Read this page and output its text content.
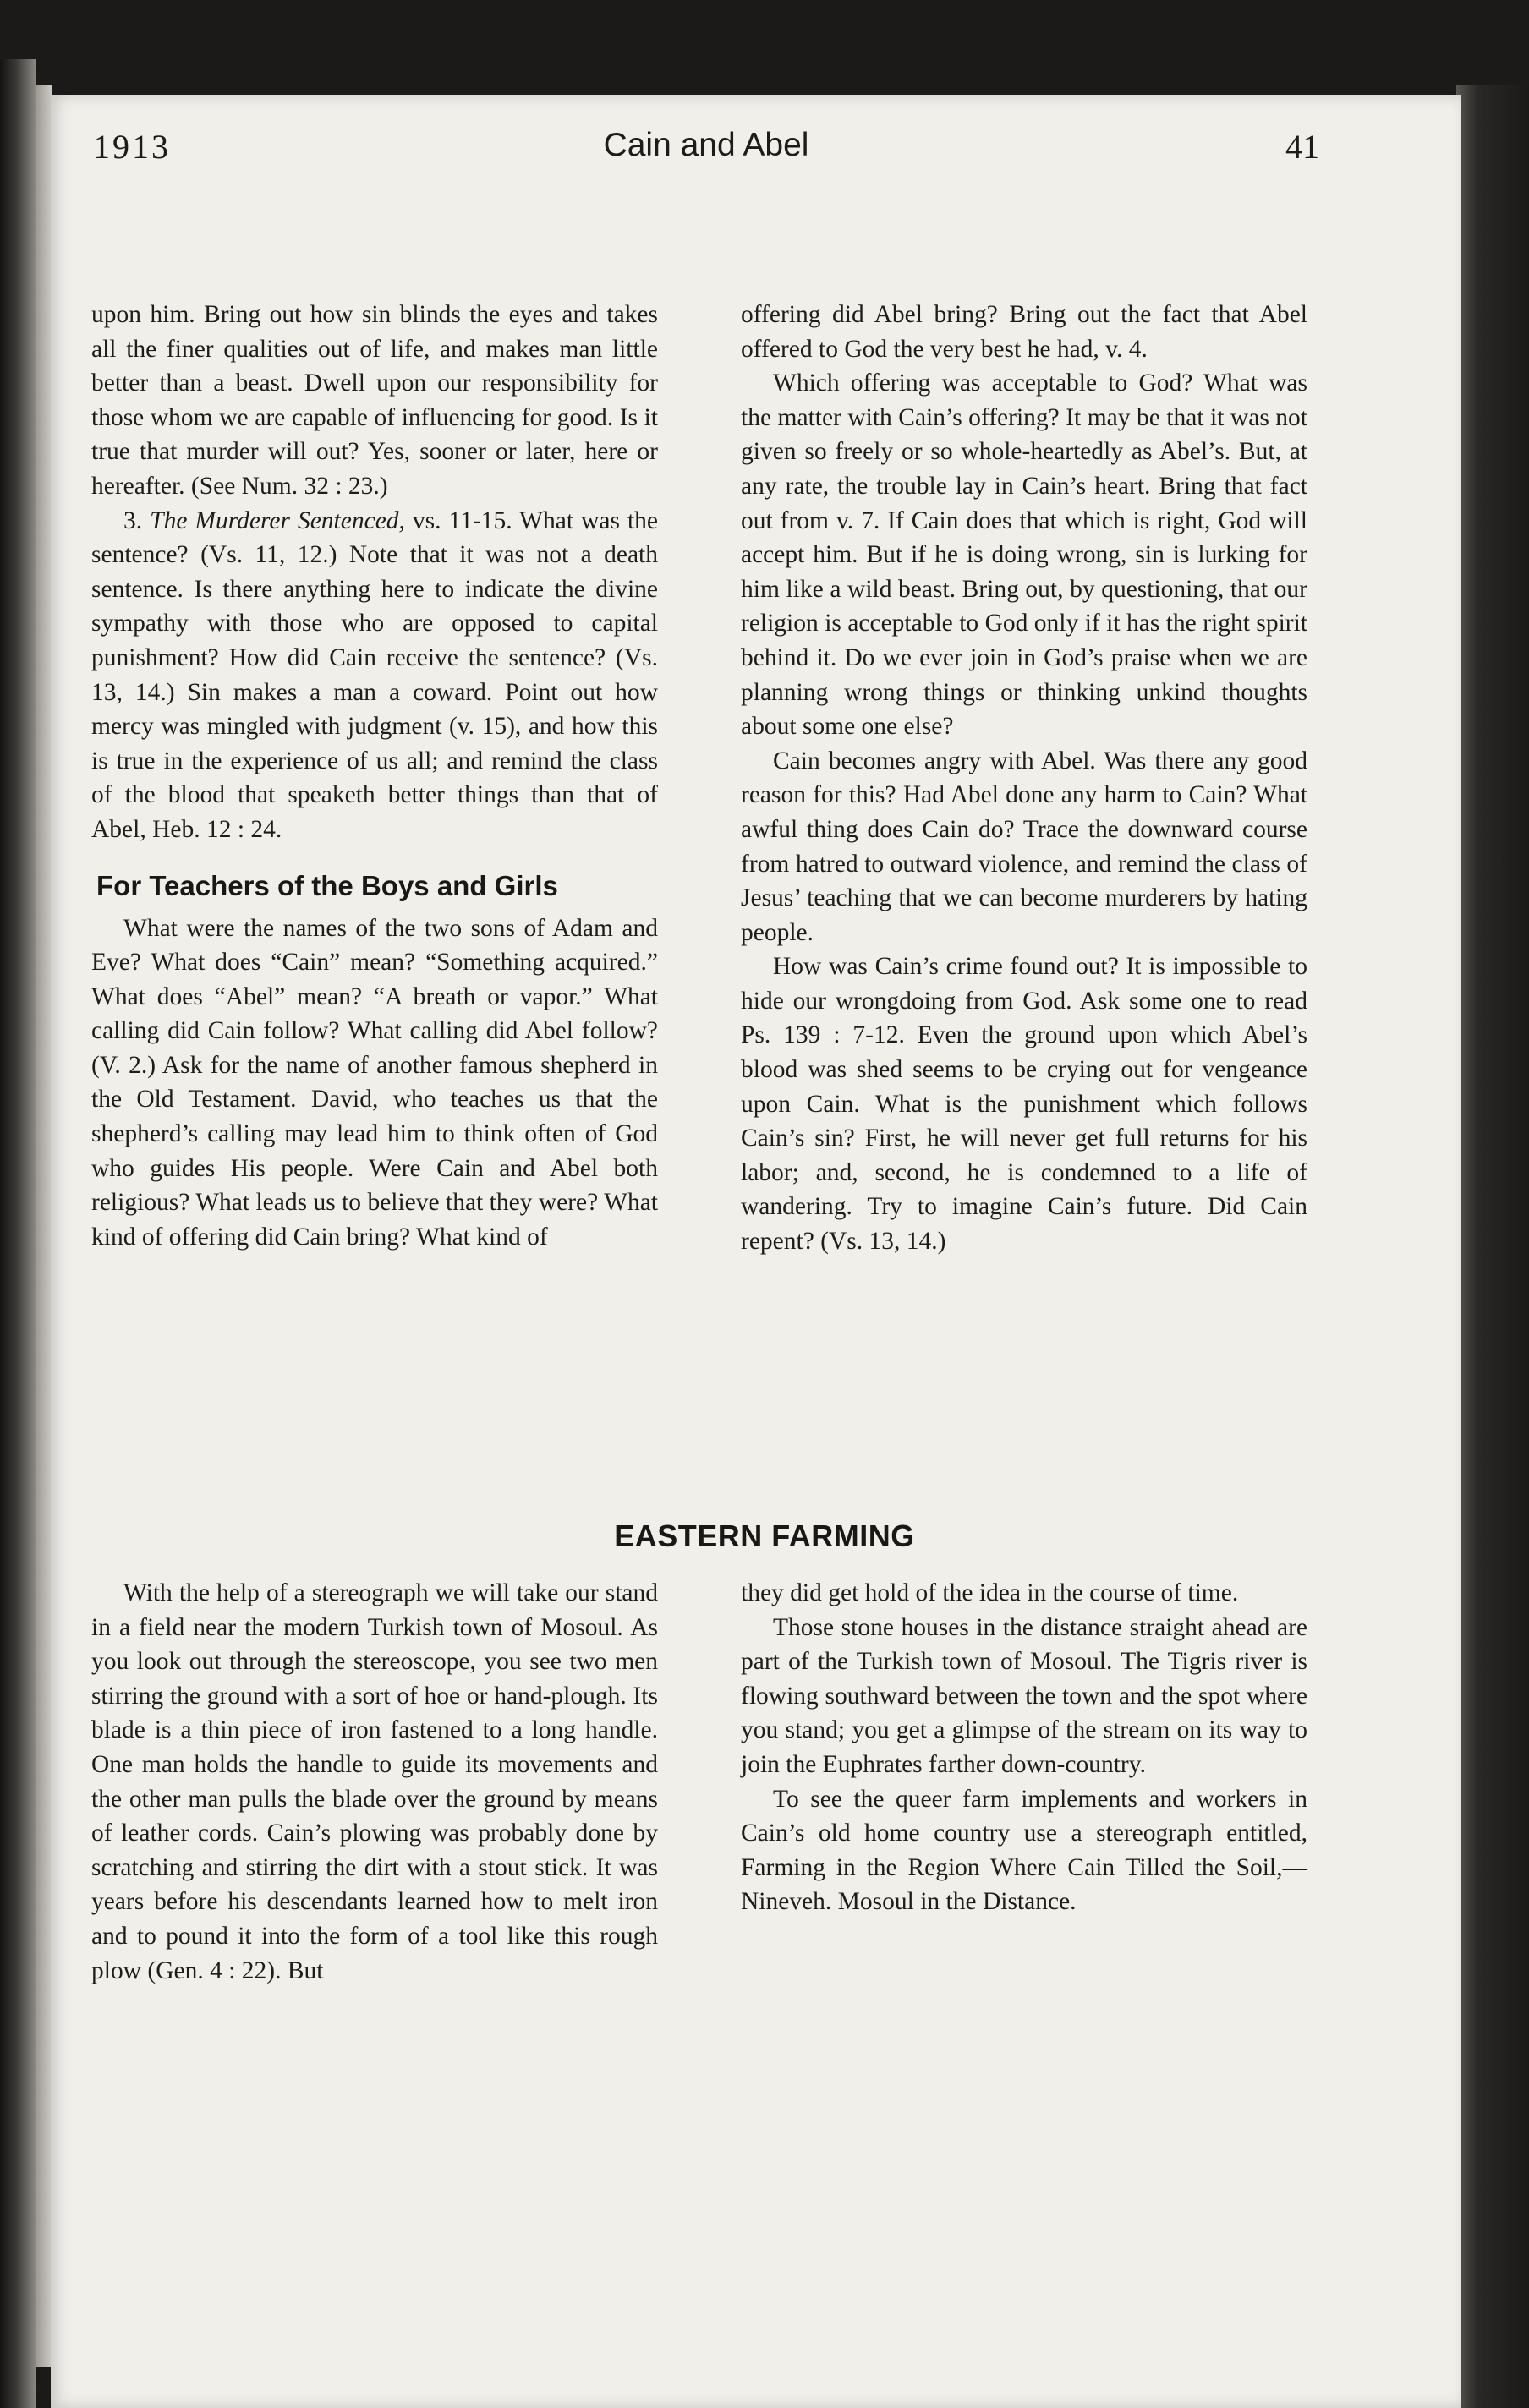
1913	Cain and Abel	41

upon him. Bring out how sin blinds the eyes and takes all the finer qualities out of life, and makes man little better than a beast. Dwell upon our responsibility for those whom we are capable of influencing for good. Is it true that murder will out? Yes, sooner or later, here or hereafter. (See Num. 32 : 23.)

3. The Murderer Sentenced, vs. 11-15. What was the sentence? (Vs. 11, 12.) Note that it was not a death sentence. Is there anything here to indicate the divine sympathy with those who are opposed to capital punishment? How did Cain receive the sentence? (Vs. 13, 14.) Sin makes a man a coward. Point out how mercy was mingled with judgment (v. 15), and how this is true in the experience of us all; and remind the class of the blood that speaketh better things than that of Abel, Heb. 12 : 24.

For Teachers of the Boys and Girls

What were the names of the two sons of Adam and Eve? What does “Cain” mean? “Something acquired.” What does “Abel” mean? “A breath or vapor.” What calling did Cain follow? What calling did Abel follow? (V. 2.) Ask for the name of another famous shepherd in the Old Testament. David, who teaches us that the shepherd’s calling may lead him to think often of God who guides His people. Were Cain and Abel both religious? What leads us to believe that they were? What kind of offering did Cain bring? What kind of

offering did Abel bring? Bring out the fact that Abel offered to God the very best he had, v. 4.

Which offering was acceptable to God? What was the matter with Cain’s offering? It may be that it was not given so freely or so whole-heartedly as Abel’s. But, at any rate, the trouble lay in Cain’s heart. Bring that fact out from v. 7. If Cain does that which is right, God will accept him. But if he is doing wrong, sin is lurking for him like a wild beast. Bring out, by questioning, that our religion is acceptable to God only if it has the right spirit behind it. Do we ever join in God’s praise when we are planning wrong things or thinking unkind thoughts about some one else?

Cain becomes angry with Abel. Was there any good reason for this? Had Abel done any harm to Cain? What awful thing does Cain do? Trace the downward course from hatred to outward violence, and remind the class of Jesus’ teaching that we can become murderers by hating people.

How was Cain’s crime found out? It is impossible to hide our wrongdoing from God. Ask some one to read Ps. 139 : 7-12. Even the ground upon which Abel’s blood was shed seems to be crying out for vengeance upon Cain. What is the punishment which follows Cain’s sin? First, he will never get full returns for his labor; and, second, he is condemned to a life of wandering. Try to imagine Cain’s future. Did Cain repent? (Vs. 13, 14.)

EASTERN FARMING

With the help of a stereograph we will take our stand in a field near the modern Turkish town of Mosoul. As you look out through the stereoscope, you see two men stirring the ground with a sort of hoe or hand-plough. Its blade is a thin piece of iron fastened to a long handle. One man holds the handle to guide its movements and the other man pulls the blade over the ground by means of leather cords. Cain’s plowing was probably done by scratching and stirring the dirt with a stout stick. It was years before his descendants learned how to melt iron and to pound it into the form of a tool like this rough plow (Gen. 4 : 22). But

they did get hold of the idea in the course of time.

Those stone houses in the distance straight ahead are part of the Turkish town of Mosoul. The Tigris river is flowing southward between the town and the spot where you stand; you get a glimpse of the stream on its way to join the Euphrates farther down-country.

To see the queer farm implements and workers in Cain’s old home country use a stereograph entitled, Farming in the Region Where Cain Tilled the Soil,—Nineveh. Mosoul in the Distance.
